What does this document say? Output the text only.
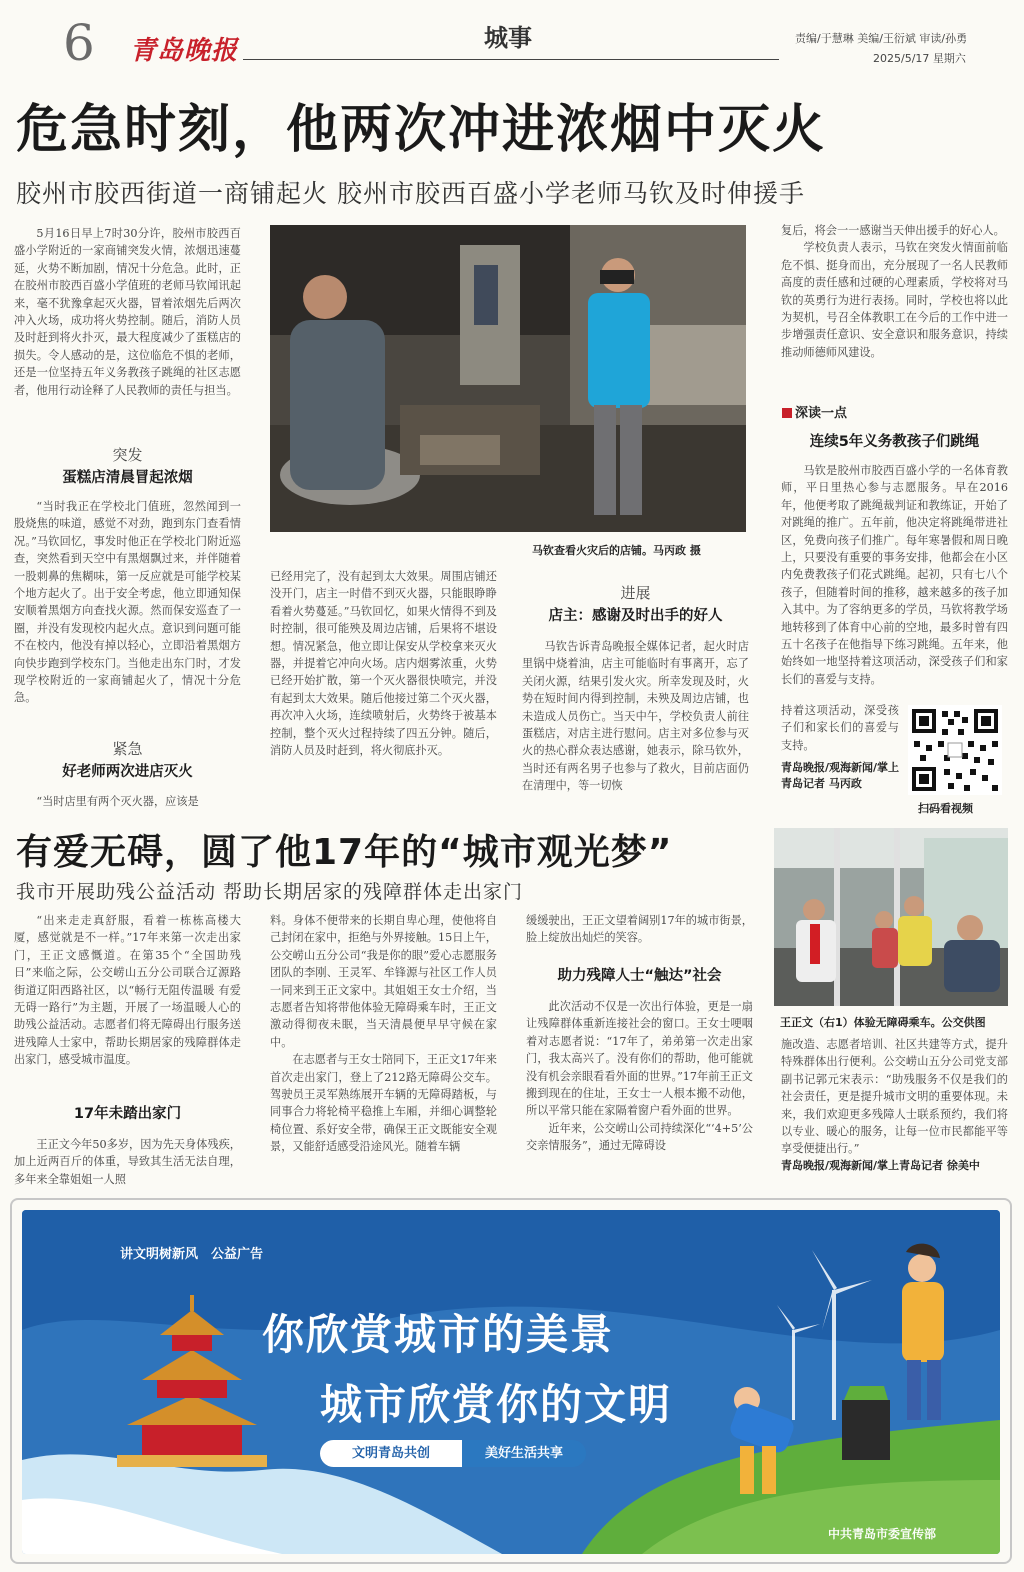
6 青岛晚报	城事	责编/于慧琳 美编/王衍斌 审读/孙勇
2025/5/17 星期六
危急时刻，他两次冲进浓烟中灭火
胶州市胶西街道一商铺起火 胶州市胶西百盛小学老师马钦及时伸援手

5月16日早上7时30分许，胶州市胶西百盛小学附近的一家商铺突发火情，浓烟迅速蔓延，火势不断加剧，情况十分危急。此时，正在胶州市胶西百盛小学值班的老师马钦闻讯起来，毫不犹豫拿起灭火器，冒着浓烟先后两次冲入火场，成功将火势控制。随后，消防人员及时赶到将火扑灭，最大程度减少了蛋糕店的损失。令人感动的是，这位临危不惧的老师，还是一位坚持五年义务教孩子跳绳的社区志愿者，他用行动诠释了人民教师的责任与担当。

突发
蛋糕店清晨冒起浓烟

“当时我正在学校北门值班，忽然闻到一股烧焦的味道，感觉不对劲，跑到东门查看情况。”马钦回忆，事发时他正在学校北门附近巡查，突然看到天空中有黑烟飘过来，并伴随着一股刺鼻的焦糊味，第一反应就是可能学校某个地方起火了。出于安全考虑，他立即通知保安顺着黑烟方向查找火源。然而保安巡查了一圈，并没有发现校内起火点。意识到问题可能不在校内，他没有掉以轻心，立即沿着黑烟方向快步跑到学校东门。当他走出东门时，才发现学校附近的一家商铺起火了，情况十分危急。

紧急
好老师两次进店灭火

“当时店里有两个灭火器，应该是

马钦查看火灾后的店铺。马丙政 摄

已经用完了，没有起到太大效果。周围店铺还没开门，店主一时借不到灭火器，只能眼睁睁看着火势蔓延。”马钦回忆，如果火情得不到及时控制，很可能殃及周边店铺，后果将不堪设想。情况紧急，他立即让保安从学校拿来灭火器，并提着它冲向火场。店内烟雾浓重，火势已经开始扩散，第一个灭火器很快喷完，并没有起到太大效果。随后他接过第二个灭火器，再次冲入火场，连续喷射后，火势终于被基本控制，整个灭火过程持续了四五分钟。随后，消防人员及时赶到，将火彻底扑灭。

进展
店主：感谢及时出手的好人

马钦告诉青岛晚报全媒体记者，起火时店里锅中烧着油，店主可能临时有事离开，忘了关闭火源，结果引发火灾。所幸发现及时，火势在短时间内得到控制，未殃及周边店铺，也未造成人员伤亡。当天中午，学校负责人前往蛋糕店，对店主进行慰问。店主对多位参与灭火的热心群众表达感谢，她表示，除马钦外，当时还有两名男子也参与了救火，目前店面仍在清理中，等一切恢

复后，将会一一感谢当天伸出援手的好心人。

学校负责人表示，马钦在突发火情面前临危不惧、挺身而出，充分展现了一名人民教师高度的责任感和过硬的心理素质，学校将对马钦的英勇行为进行表扬。同时，学校也将以此为契机，号召全体教职工在今后的工作中进一步增强责任意识、安全意识和服务意识，持续推动师德师风建设。

深读一点
连续5年义务教孩子们跳绳

马钦是胶州市胶西百盛小学的一名体育教师，平日里热心参与志愿服务。早在2016年，他便考取了跳绳裁判证和教练证，开始了对跳绳的推广。五年前，他决定将跳绳带进社区，免费向孩子们推广。每年寒暑假和周日晚上，只要没有重要的事务安排，他都会在小区内免费教孩子们花式跳绳。起初，只有七八个孩子，但随着时间的推移，越来越多的孩子加入其中。为了容纳更多的学员，马钦将教学场地转移到了体育中心前的空地，最多时曾有四五十名孩子在他指导下练习跳绳。五年来，他始终如一地坚持着这项活动，深受孩子们和家长们的喜爱与支持。

持着这项活动，深受孩子们和家长们的喜爱与支持。

青岛晚报/观海新闻/掌上青岛记者 马丙政
扫码看视频
有爱无碍，圆了他17年的“城市观光梦”
我市开展助残公益活动 帮助长期居家的残障群体走出家门

“出来走走真舒服，看着一栋栋高楼大厦，感觉就是不一样。”17年来第一次走出家门，王正文感慨道。在第35个“全国助残日”来临之际，公交崂山五分公司联合辽源路街道辽阳西路社区，以“畅行无阻传温暖 有爱无碍一路行”为主题，开展了一场温暖人心的助残公益活动。志愿者们将无障碍出行服务送进残障人士家中，帮助长期居家的残障群体走出家门，感受城市温度。

17年未踏出家门

王正文今年50多岁，因为先天身体残疾，加上近两百斤的体重，导致其生活无法自理，多年来全靠姐姐一人照

料。身体不便带来的长期自卑心理，使他将自己封闭在家中，拒绝与外界接触。15日上午，公交崂山五分公司“我是你的眼”爱心志愿服务团队的李刚、王灵军、牟锋源与社区工作人员一同来到王正文家中。其姐姐王女士介绍，当志愿者告知将带他体验无障碍乘车时，王正文激动得彻夜未眠，当天清晨便早早守候在家中。

在志愿者与王女士陪同下，王正文17年来首次走出家门，登上了212路无障碍公交车。驾驶员王灵军熟练展开车辆的无障碍踏板，与同事合力将轮椅平稳推上车厢，并细心调整轮椅位置、系好安全带，确保王正文既能安全观景，又能舒适感受沿途风光。随着车辆

缓缓驶出，王正文望着阔别17年的城市街景，脸上绽放出灿烂的笑容。

助力残障人士“触达”社会

此次活动不仅是一次出行体验，更是一扇让残障群体重新连接社会的窗口。王女士哽咽着对志愿者说：“17年了，弟弟第一次走出家门，我太高兴了。没有你们的帮助，他可能就没有机会亲眼看看外面的世界。”17年前王正文搬到现在的住址，王女士一人根本搬不动他，所以平常只能在家隔着窗户看外面的世界。

近年来，公交崂山公司持续深化“‘4+5’公交亲情服务”，通过无障碍设

王正文（右1）体验无障碍乘车。公交供图

施改造、志愿者培训、社区共建等方式，提升特殊群体出行便利。公交崂山五分公司党支部副书记郭元宋表示：“助残服务不仅是我们的社会责任，更是提升城市文明的重要体现。未来，我们欢迎更多残障人士联系预约，我们将以专业、暖心的服务，让每一位市民都能平等享受便捷出行。”

青岛晚报/观海新闻/掌上青岛记者 徐美中
讲文明树新风　公益广告
你欣赏城市的美景
城市欣赏你的文明
文明青岛共创	美好生活共享
中共青岛市委宣传部
